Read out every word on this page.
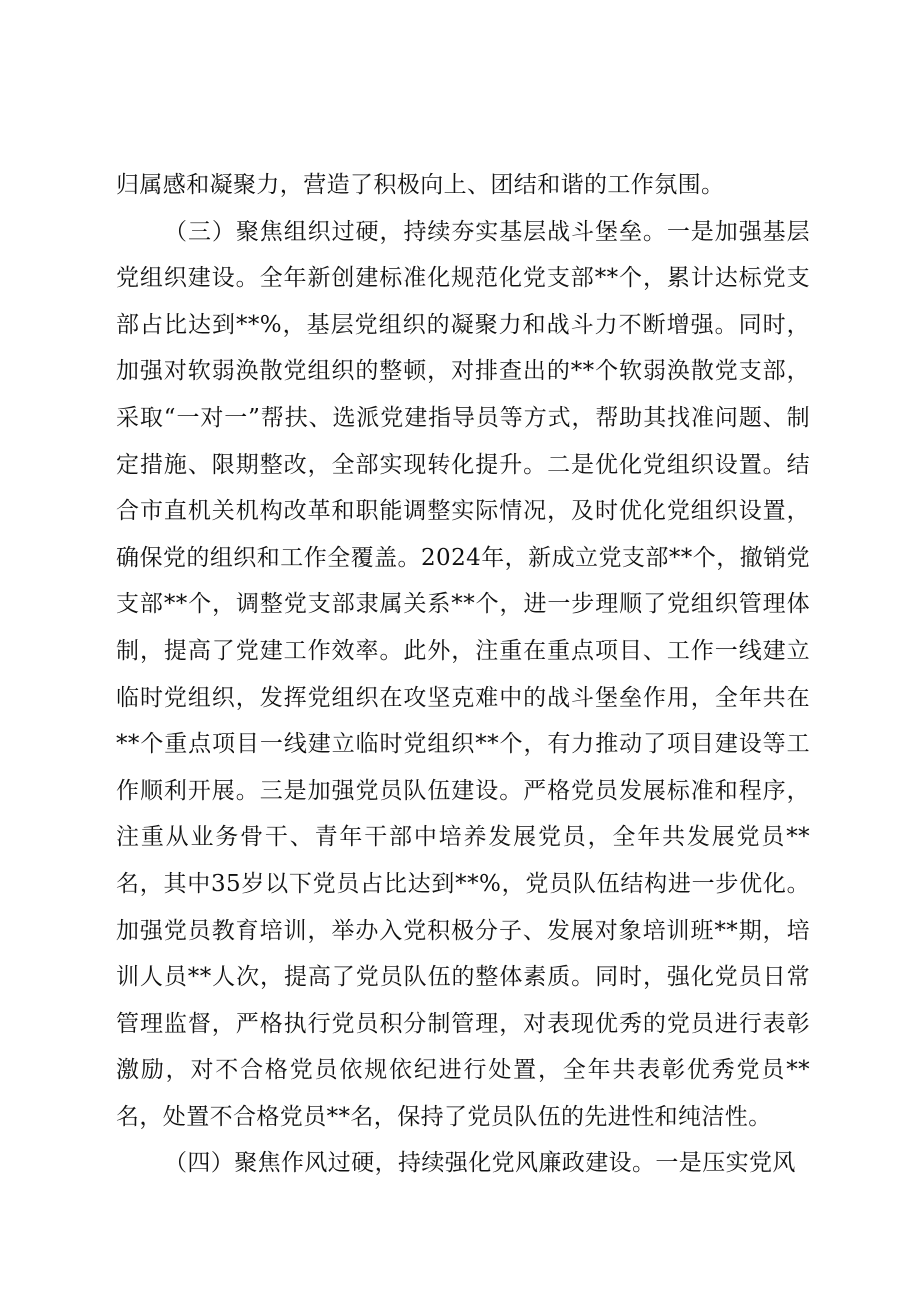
归属感和凝聚力，营造了积极向上、团结和谐的工作氛围。

（三）聚焦组织过硬，持续夯实基层战斗堡垒。一是加强基层党组织建设。全年新创建标准化规范化党支部**个，累计达标党支部占比达到**%，基层党组织的凝聚力和战斗力不断增强。同时，加强对软弱涣散党组织的整顿，对排查出的**个软弱涣散党支部，采取“一对一”帮扶、选派党建指导员等方式，帮助其找准问题、制定措施、限期整改，全部实现转化提升。二是优化党组织设置。结合市直机关机构改革和职能调整实际情况，及时优化党组织设置，确保党的组织和工作全覆盖。2024年，新成立党支部**个，撤销党支部**个，调整党支部隶属关系**个，进一步理顺了党组织管理体制，提高了党建工作效率。此外，注重在重点项目、工作一线建立临时党组织，发挥党组织在攻坚克难中的战斗堡垒作用，全年共在**个重点项目一线建立临时党组织**个，有力推动了项目建设等工作顺利开展。三是加强党员队伍建设。严格党员发展标准和程序，注重从业务骨干、青年干部中培养发展党员，全年共发展党员**名，其中35岁以下党员占比达到**%，党员队伍结构进一步优化。加强党员教育培训，举办入党积极分子、发展对象培训班**期，培训人员**人次，提高了党员队伍的整体素质。同时，强化党员日常管理监督，严格执行党员积分制管理，对表现优秀的党员进行表彰激励，对不合格党员依规依纪进行处置，全年共表彰优秀党员**名，处置不合格党员**名，保持了党员队伍的先进性和纯洁性。

（四）聚焦作风过硬，持续强化党风廉政建设。一是压实党风
